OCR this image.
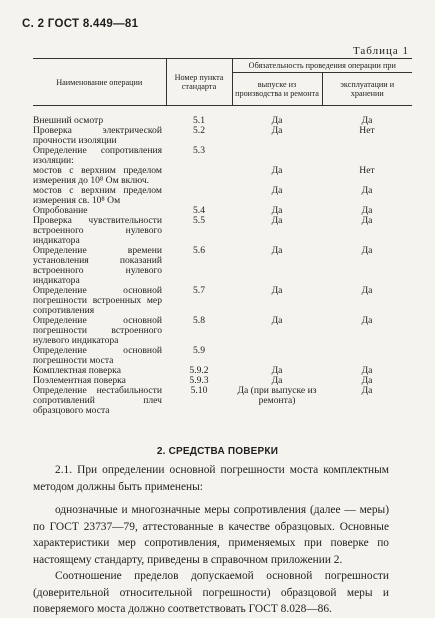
С. 2 ГОСТ 8.449—81
Таблица 1
Наименование операции	Номер пункта стандарта	Обязательность проведения операции при	
		выпуске из производства и ремонта	эксплуатации и хранении
Внешний осмотр	5.1	Да	Да
Проверка электрической прочности изоляции	5.2	Да	Нет
Определение сопротивления изоляции:	5.3		
мостов с верхним пределом измерения до 10⁸ Ом включ.		Да	Нет
мостов с верхним пределом измерения св. 10⁸ Ом		Да	Да
Опробование	5.4	Да	Да
Проверка чувствительности встроенного нулевого индикатора	5.5	Да	Да
Определение времени установления показаний встроенного нулевого индикатора	5.6	Да	Да
Определение основной погрешности встроенных мер сопротивления	5.7	Да	Да
Определение основной погрешности встроенного нулевого индикатора	5.8	Да	Да
Определение основной погрешности моста	5.9		
Комплектная поверка	5.9.2	Да	Да
Поэлементная поверка	5.9.3	Да	Да
Определение нестабильности сопротивлений плеч образцового моста	5.10	Да (при выпуске из ремонта)	Да
2. СРЕДСТВА ПОВЕРКИ
2.1. При определении основной погрешности моста комплектным методом должны быть применены:
однозначные и многозначные меры сопротивления (далее — меры) по ГОСТ 23737—79, аттестованные в качестве образцовых. Основные характеристики мер сопротивления, применяемых при поверке по настоящему стандарту, приведены в справочном приложении 2.
Соотношение пределов допускаемой основной погрешности (доверительной относительной погрешности) образцовой меры и поверяемого моста должно соответствовать ГОСТ 8.028—86.
